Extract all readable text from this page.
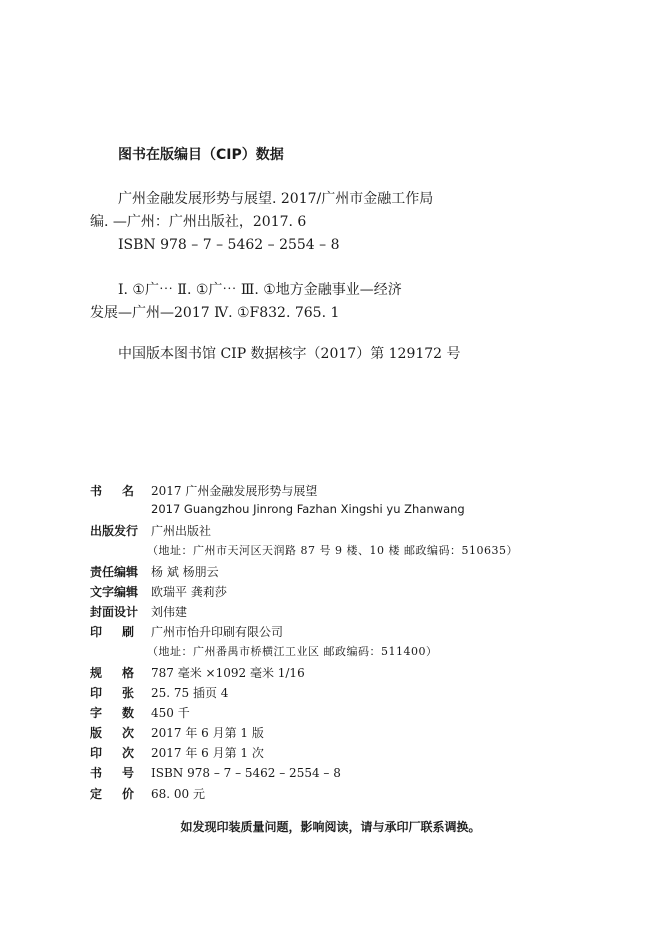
图书在版编目（CIP）数据
广州金融发展形势与展望. 2017/广州市金融工作局
编. —广州：广州出版社，2017. 6
ISBN 978 – 7 – 5462 – 2554 – 8
Ⅰ. ①广⋯ Ⅱ. ①广⋯ Ⅲ. ①地方金融事业—经济
发展—广州—2017 Ⅳ. ①F832. 765. 1
中国版本图书馆 CIP 数据核字（2017）第 129172 号
书 名 2017 广州金融发展形势与展望
2017 Guangzhou Jinrong Fazhan Xingshi yu Zhanwang
出版发行 广州出版社
（地址：广州市天河区天润路 87 号 9 楼、10 楼 邮政编码：510635）
责任编辑 杨 斌 杨朋云
文字编辑 欧瑞平 龚莉莎
封面设计 刘伟建
印 刷 广州市怡升印刷有限公司
（地址：广州番禺市桥横江工业区 邮政编码：511400）
规 格 787 毫米 ×1092 毫米 1/16
印 张 25. 75 插页 4
字 数 450 千
版 次 2017 年 6 月第 1 版
印 次 2017 年 6 月第 1 次
书 号 ISBN 978 – 7 – 5462 – 2554 – 8
定 价 68. 00 元
如发现印装质量问题，影响阅读，请与承印厂联系调换。
